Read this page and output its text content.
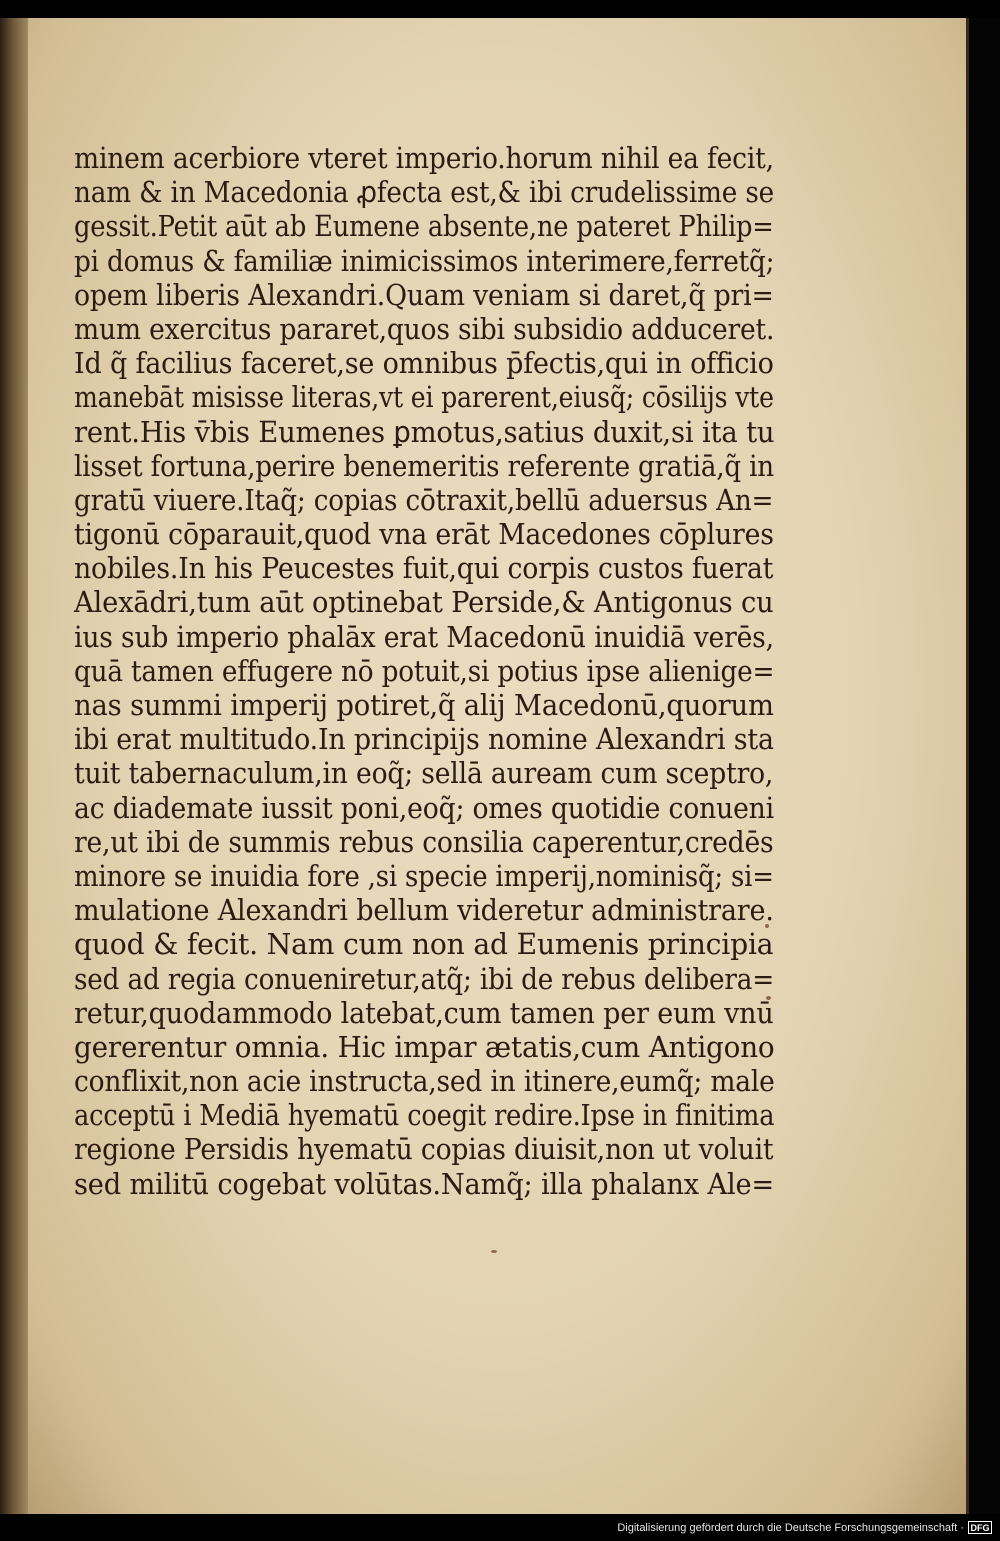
minem acerbiore vteret imperio.horum nihil ea fecit,
nam & in Macedonia ꝓfecta est,& ibi crudelissime se
gessit.Petit aūt ab Eumene absente,ne pateret Philip=
pi domus & familiæ inimicissimos interimere,ferretq̃;
opem liberis Alexandri.Quam veniam si daret,q̃ pri=
mum exercitus pararet,quos sibi subsidio adduceret.
Id q̃ facilius faceret,se omnibus p̄fectis,qui in officio
manebāt misisse literas,vt ei parerent,eiusq̃; cōsilijs vte
rent.His v̄bis Eumenes ꝑmotus,satius duxit,si ita tu
lisset fortuna,perire benemeritis referente gratiā,q̃ in
gratū viuere.Itaq̃; copias cōtraxit,bellū aduersus An=
tigonū cōparauit,quod vna erāt Macedones cōplures
nobiles.In his Peucestes fuit,qui corpis custos fuerat
Alexādri,tum aūt optinebat Perside,& Antigonus cu
ius sub imperio phalāx erat Macedonū inuidiā verēs,
quā tamen effugere nō potuit,si potius ipse alienige=
nas summi imperij potiret,q̃ alij Macedonū,quorum
ibi erat multitudo.In principijs nomine Alexandri sta
tuit tabernaculum,in eoq̃; sellā auream cum sceptro,
ac diademate iussit poni,eoq̃; omes quotidie conueni
re,ut ibi de summis rebus consilia caperentur,credēs
minore se inuidia fore ,si specie imperij,nominisq̃; si=
mulatione Alexandri bellum videretur administrare.
quod & fecit. Nam cum non ad Eumenis principia
sed ad regia conueniretur,atq̃; ibi de rebus delibera=
retur,quodammodo latebat,cum tamen per eum vnū
gererentur omnia. Hic impar ætatis,cum Antigono
conflixit,non acie instructa,sed in itinere,eumq̃; male
acceptū i Mediā hyematū coegit redire.Ipse in finitima
regione Persidis hyematū copias diuisit,non ut voluit
sed militū cogebat volūtas.Namq̃; illa phalanx Ale=
Digitalisierung gefördert durch die Deutsche Forschungsgemeinschaft · DFG
